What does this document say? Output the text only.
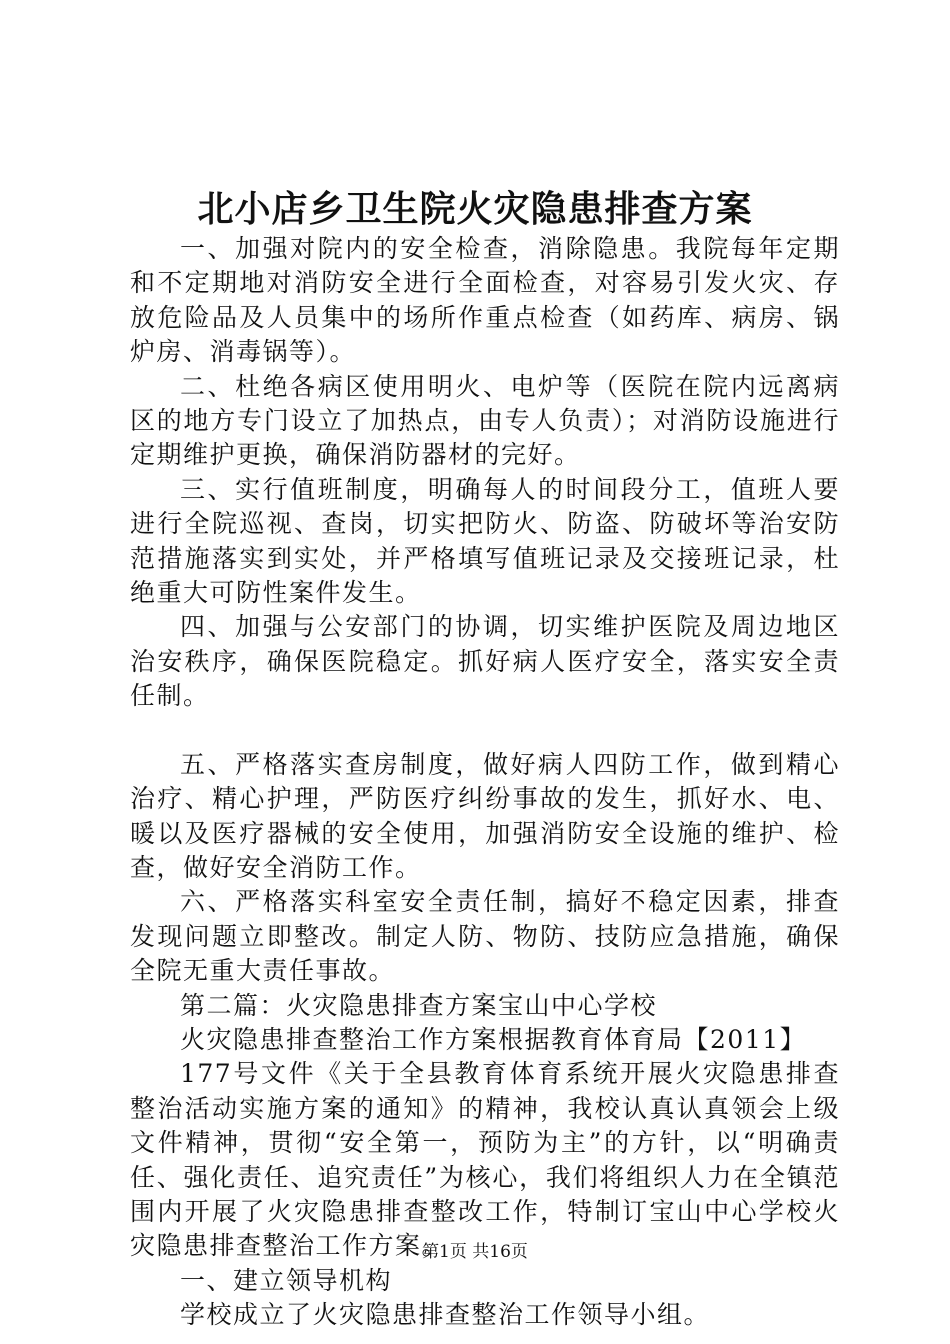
北小店乡卫生院火灾隐患排查方案

一、加强对院内的安全检查，消除隐患。我院每年定期和不定期地对消防安全进行全面检查，对容易引发火灾、存放危险品及人员集中的场所作重点检查（如药库、病房、锅炉房、消毒锅等）。

二、杜绝各病区使用明火、电炉等（医院在院内远离病区的地方专门设立了加热点，由专人负责）；对消防设施进行定期维护更换，确保消防器材的完好。

三、实行值班制度，明确每人的时间段分工，值班人要进行全院巡视、查岗，切实把防火、防盗、防破坏等治安防范措施落实到实处，并严格填写值班记录及交接班记录，杜绝重大可防性案件发生。

四、加强与公安部门的协调，切实维护医院及周边地区治安秩序，确保医院稳定。抓好病人医疗安全，落实安全责任制。

五、严格落实查房制度，做好病人四防工作，做到精心治疗、精心护理，严防医疗纠纷事故的发生，抓好水、电、暖以及医疗器械的安全使用，加强消防安全设施的维护、检查，做好安全消防工作。

六、严格落实科室安全责任制，搞好不稳定因素，排查发现问题立即整改。制定人防、物防、技防应急措施，确保全院无重大责任事故。

第二篇：火灾隐患排查方案宝山中心学校

火灾隐患排查整治工作方案根据教育体育局【2011】

177号文件《关于全县教育体育系统开展火灾隐患排查整治活动实施方案的通知》的精神，我校认真认真领会上级文件精神，贯彻“安全第一，预防为主”的方针，以“明确责任、强化责任、追究责任”为核心，我们将组织人力在全镇范围内开展了火灾隐患排查整改工作，特制订宝山中心学校火灾隐患排查整治工作方案。

一、建立领导机构

学校成立了火灾隐患排查整治工作领导小组。

第1页 共16页
